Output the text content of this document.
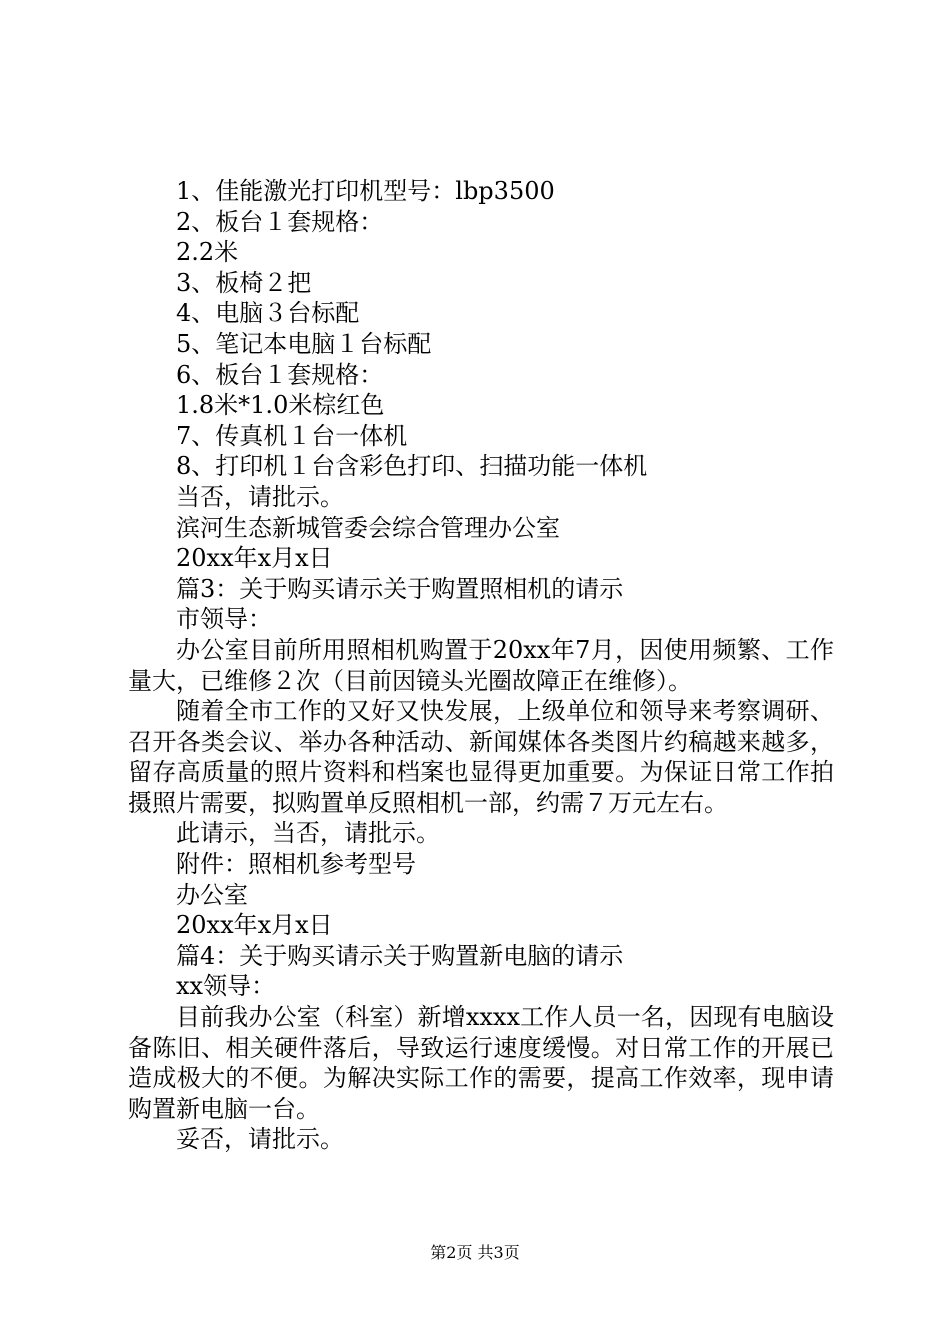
1、佳能激光打印机型号：lbp3500
2、板台１套规格：
2.2米
3、板椅２把
4、电脑３台标配
5、笔记本电脑１台标配
6、板台１套规格：
1.8米*1.0米棕红色
7、传真机１台一体机
8、打印机１台含彩色打印、扫描功能一体机
当否，请批示。
滨河生态新城管委会综合管理办公室
20xx年x月x日
篇3：关于购买请示关于购置照相机的请示
市领导：
办公室目前所用照相机购置于20xx年7月，因使用频繁、工作量大，已维修２次（目前因镜头光圈故障正在维修）。
随着全市工作的又好又快发展，上级单位和领导来考察调研、召开各类会议、举办各种活动、新闻媒体各类图片约稿越来越多，留存高质量的照片资料和档案也显得更加重要。为保证日常工作拍摄照片需要，拟购置单反照相机一部，约需７万元左右。
此请示，当否，请批示。
附件：照相机参考型号
办公室
20xx年x月x日
篇4：关于购买请示关于购置新电脑的请示
xx领导：
目前我办公室（科室）新增xxxx工作人员一名，因现有电脑设备陈旧、相关硬件落后，导致运行速度缓慢。对日常工作的开展已造成极大的不便。为解决实际工作的需要，提高工作效率，现申请购置新电脑一台。
妥否，请批示。
第2页 共3页
